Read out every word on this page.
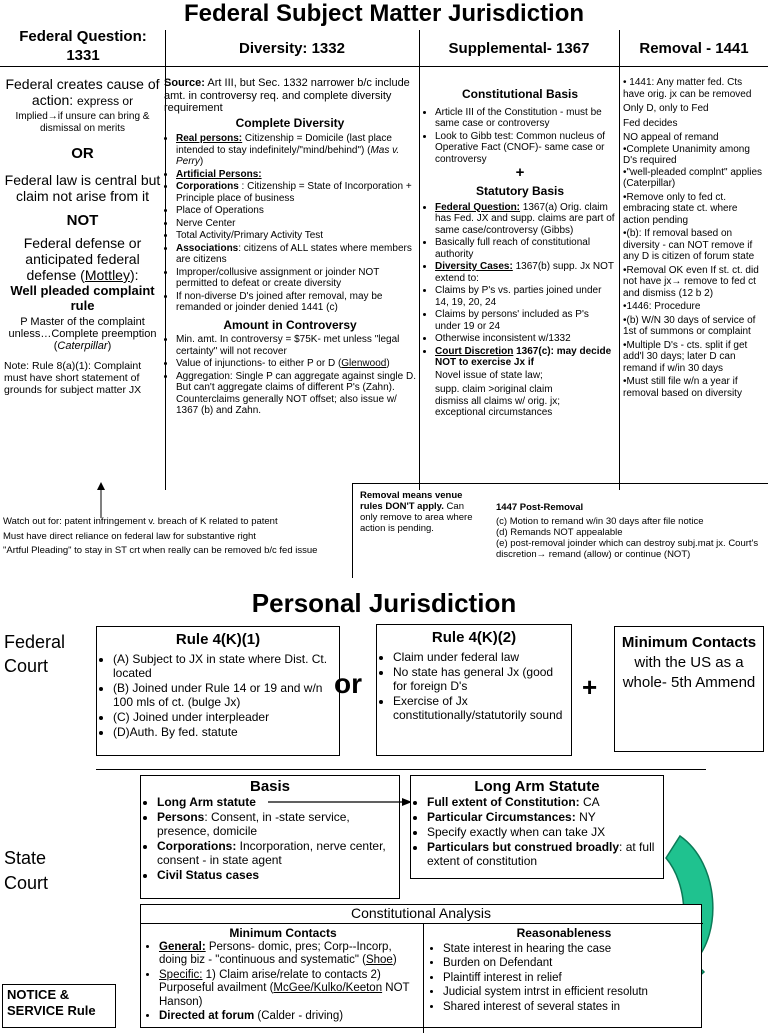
Federal Subject Matter Jurisdiction
Federal Question: 1331	Diversity: 1332	Supplemental- 1367	Removal - 1441
Federal creates cause of
action: express or
Implied→if unsure can bring & dismissal on merits
OR
Federal law is central but claim not arise from it
NOT
Federal defense or anticipated federal defense (Mottley):
Well pleaded complaint rule
P Master of the complaint unless…Complete preemption (Caterpillar)
Note: Rule 8(a)(1): Complaint must have short statement of grounds for subject matter JX
Watch out for: patent infringement v. breach of K related to patent
Must have direct reliance on federal law for substantive right
"Artful Pleading" to stay in ST crt when really can be removed b/c fed issue
Source: Art III, but Sec. 1332 narrower b/c include amt. in controversy req. and complete diversity requirement
Complete Diversity
• Real persons: Citizenship = Domicile (last place intended to stay indefinitely/"mind/behind") (Mas v. Perry)
• Artificial Persons:
• Corporations : Citizenship = State of Incorporation + Principle place of business
• Place of Operations
• Nerve Center
• Total Activity/Primary Activity Test
• Associations: citizens of ALL states where members are citizens
• Improper/collusive assignment or joinder NOT permitted to defeat or create diversity
• If non-diverse D's joined after removal, may be remanded or joinder denied 1441 (c)
Amount in Controversy
• Min. amt. In controversy = $75K- met unless "legal certainty" will not recover
• Value of injunctions- to either P or D (Glenwood)
• Aggregation: Single P can aggregate against single D. But can't aggregate claims of different P's (Zahn). Counterclaims generally NOT offset; also issue w/ 1367 (b) and Zahn.
Constitutional Basis
• Article III of the Constitution - must be same case or controversy
• Look to Gibb test: Common nucleus of Operative Fact (CNOF)- same case or controversy
+
Statutory Basis
• Federal Question: 1367(a) Orig. claim has Fed. JX and supp. claims are part of same case/controversy (Gibbs)
• Basically full reach of constitutional authority
• Diversity Cases: 1367(b) supp. Jx NOT extend to:
• Claims by P's vs. parties joined under 14, 19, 20, 24
• Claims by persons' included as P's under 19 or 24
• Otherwise inconsistent w/1332
• Court Discretion 1367(c): may decide NOT to exercise Jx if
Novel issue of state law;
supp. claim >original claim
dismiss all claims w/ orig. jx;
exceptional circumstances
• 1441: Any matter fed. Cts have orig. jx can be removed
Only D, only to Fed
Fed decides
NO appeal of remand
•Complete Unanimity among D's required
•"well-pleaded complnt" applies (Caterpillar)
•Remove only to fed ct. embracing state ct. where action pending
•(b): If removal based on diversity - can NOT remove if any D is citizen of forum state
•Removal OK even If st. ct. did not have jx→ remove to fed ct and dismiss (12 b 2)
•1446: Procedure
•(b) W/N 30 days of service of 1st of summons or complaint
•Multiple D's - cts. split if get add'l 30 days; later D can remand if w/in 30 days
•Must still file w/n a year if removal based on diversity
Removal means venue rules DON'T apply. Can only remove to area where action is pending.
1447 Post-Removal
(c) Motion to remand w/in 30 days after file notice
(d) Remands NOT appealable
(e) post-removal joinder which can destroy subj.mat jx. Court's discretion→ remand (allow) or continue (NOT)
Personal Jurisdiction
Federal Court
Rule 4(K)(1)
• (A) Subject to JX in state where Dist. Ct. located
• (B) Joined under Rule 14 or 19 and w/n 100 mls of ct. (bulge Jx)
• (C) Joined under interpleader
• (D)Auth. By fed. statute
or
Rule 4(K)(2)
• Claim under federal law
• No state has general Jx (good for foreign D's
• Exercise of Jx constitutionally/statutorily sound
+
Minimum Contacts with the US as a whole- 5th Ammend
State Court
Basis
• Long Arm statute
• Persons: Consent, in -state service, presence, domicile
• Corporations: Incorporation, nerve center, consent - in state agent
• Civil Status cases
Long Arm Statute
• Full extent of Constitution: CA
• Particular Circumstances: NY
• Specify exactly when can take JX
• Particulars but construed broadly: at full extent of constitution
Constitutional Analysis
Minimum Contacts
• General: Persons- domic, pres; Corp--Incorp, doing biz - "continuous and systematic" (Shoe)
• Specific: 1) Claim arise/relate to contacts 2) Purposeful availment (McGee/Kulko/Keeton NOT Hanson)
• Directed at forum (Calder - driving)
Reasonableness
• State interest in hearing the case
• Burden on Defendant
• Plaintiff interest in relief
• Judicial system intrst in efficient resolutn
• Shared interest of several states in
NOTICE & SERVICE Rule
